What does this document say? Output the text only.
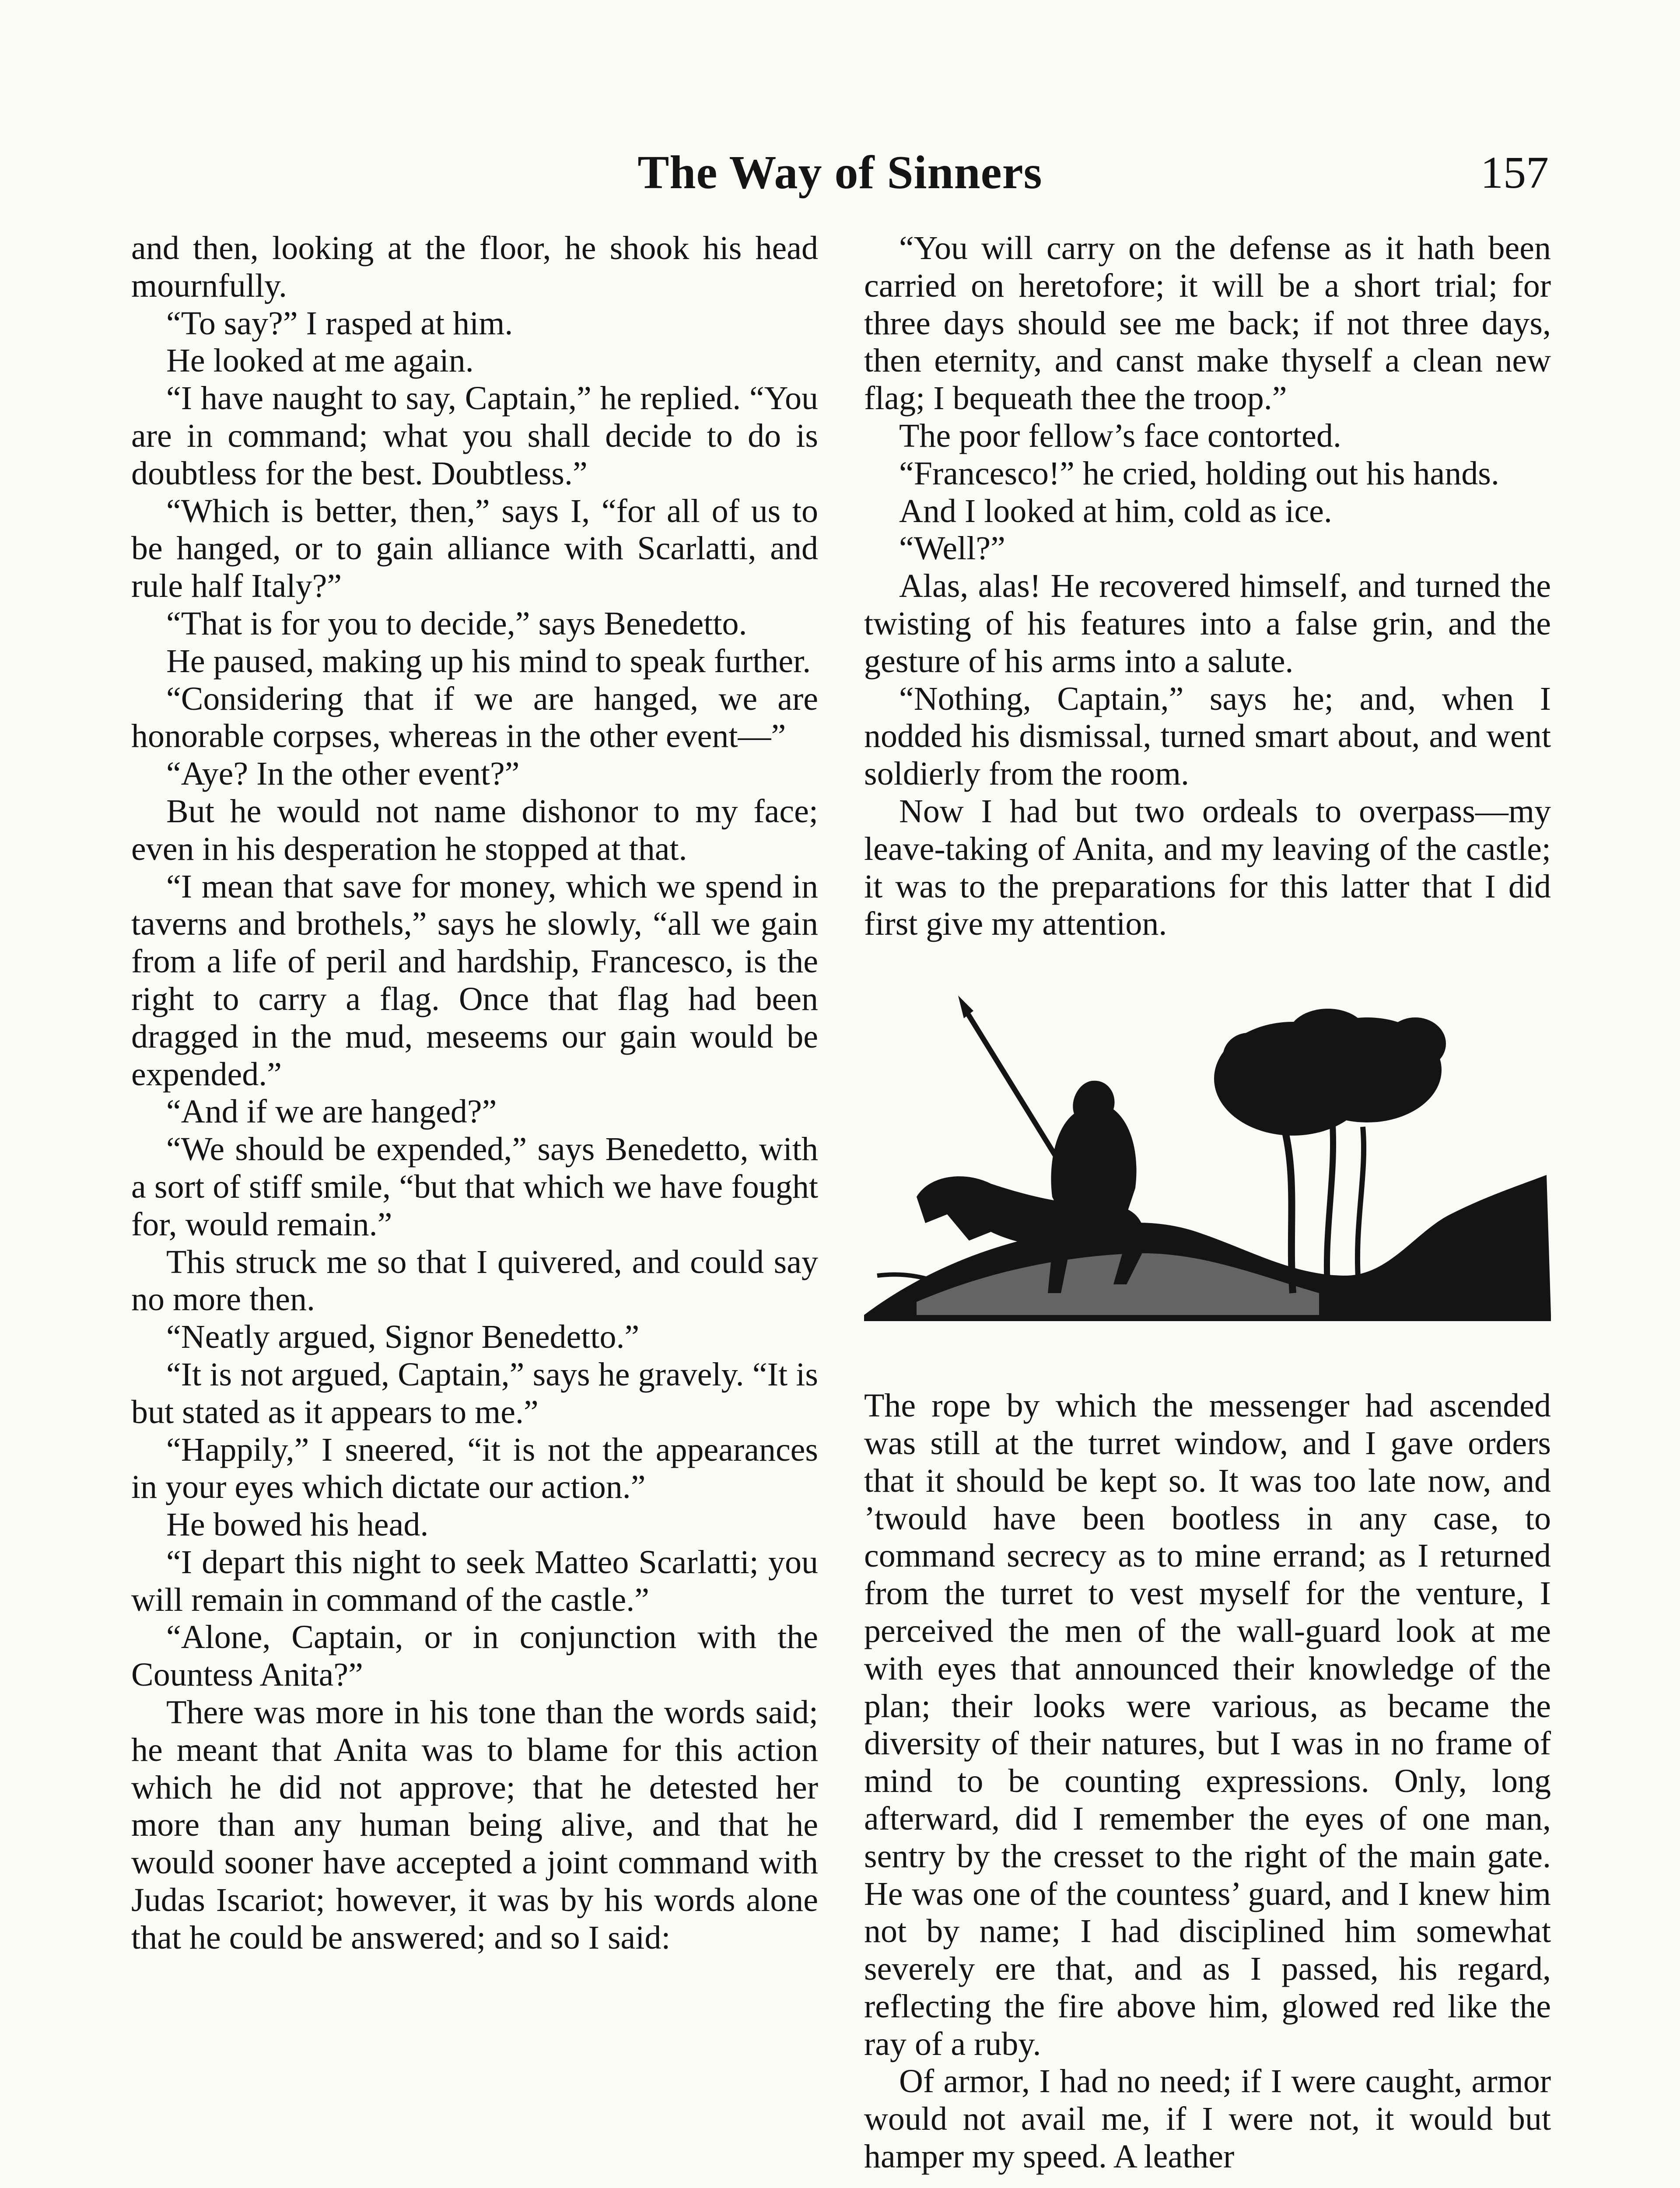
The Way of Sinners	157

and then, looking at the floor, he shook his head mournfully.

“To say?” I rasped at him.

He looked at me again.

“I have naught to say, Captain,” he replied. “You are in command; what you shall decide to do is doubtless for the best. Doubtless.”

“Which is better, then,” says I, “for all of us to be hanged, or to gain alliance with Scarlatti, and rule half Italy?”

“That is for you to decide,” says Benedetto.

He paused, making up his mind to speak further.

“Considering that if we are hanged, we are honorable corpses, whereas in the other event—”

“Aye? In the other event?”

But he would not name dishonor to my face; even in his desperation he stopped at that.

“I mean that save for money, which we spend in taverns and brothels,” says he slowly, “all we gain from a life of peril and hardship, Francesco, is the right to carry a flag. Once that flag had been dragged in the mud, meseems our gain would be expended.”

“And if we are hanged?”

“We should be expended,” says Benedetto, with a sort of stiff smile, “but that which we have fought for, would remain.”

This struck me so that I quivered, and could say no more then.

“Neatly argued, Signor Benedetto.”

“It is not argued, Captain,” says he gravely. “It is but stated as it appears to me.”

“Happily,” I sneered, “it is not the appearances in your eyes which dictate our action.”

He bowed his head.

“I depart this night to seek Matteo Scarlatti; you will remain in command of the castle.”

“Alone, Captain, or in conjunction with the Countess Anita?”

There was more in his tone than the words said; he meant that Anita was to blame for this action which he did not approve; that he detested her more than any human being alive, and that he would sooner have accepted a joint command with Judas Iscariot; however, it was by his words alone that he could be answered; and so I said:

“You will carry on the defense as it hath been carried on heretofore; it will be a short trial; for three days should see me back; if not three days, then eternity, and canst make thyself a clean new flag; I bequeath thee the troop.”

The poor fellow’s face contorted.

“Francesco!” he cried, holding out his hands.

And I looked at him, cold as ice.

“Well?”

Alas, alas! He recovered himself, and turned the twisting of his features into a false grin, and the gesture of his arms into a salute.

“Nothing, Captain,” says he; and, when I nodded his dismissal, turned smart about, and went soldierly from the room.

Now I had but two ordeals to overpass—my leave-taking of Anita, and my leaving of the castle; it was to the preparations for this latter that I did first give my attention.

The rope by which the messenger had ascended was still at the turret window, and I gave orders that it should be kept so. It was too late now, and ’twould have been bootless in any case, to command secrecy as to mine errand; as I returned from the turret to vest myself for the venture, I perceived the men of the wall-guard look at me with eyes that announced their knowledge of the plan; their looks were various, as became the diversity of their natures, but I was in no frame of mind to be counting expressions. Only, long afterward, did I remember the eyes of one man, sentry by the cresset to the right of the main gate. He was one of the countess’ guard, and I knew him not by name; I had disciplined him somewhat severely ere that, and as I passed, his regard, reflecting the fire above him, glowed red like the ray of a ruby.

Of armor, I had no need; if I were caught, armor would not avail me, if I were not, it would but hamper my speed. A leather
